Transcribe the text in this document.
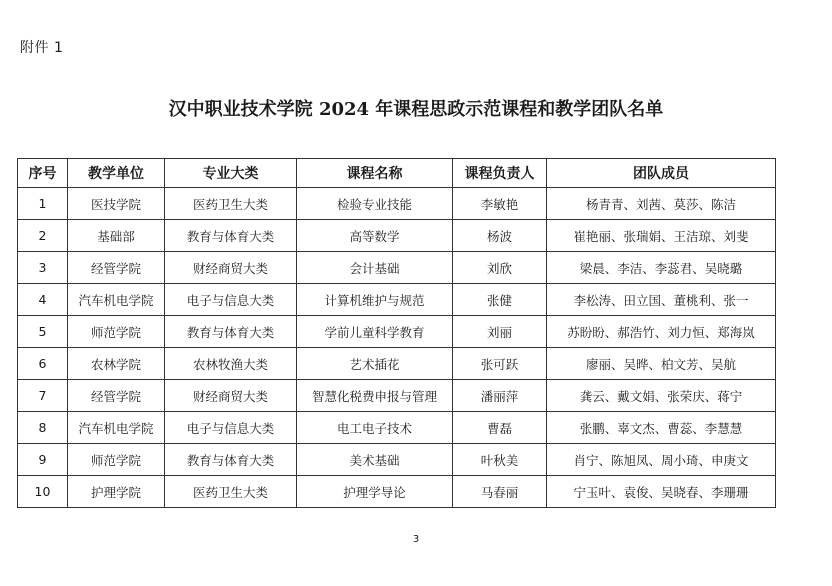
附件 1
汉中职业技术学院 2024 年课程思政示范课程和教学团队名单
序号	教学单位	专业大类	课程名称	课程负责人	团队成员
1	医技学院	医药卫生大类	检验专业技能	李敏艳	杨青青、刘茜、莫莎、陈洁
2	基础部	教育与体育大类	高等数学	杨波	崔艳丽、张瑞娟、王洁琼、刘斐
3	经管学院	财经商贸大类	会计基础	刘欣	梁晨、李洁、李蕊君、吴晓璐
4	汽车机电学院	电子与信息大类	计算机维护与规范	张健	李松涛、田立国、董桃利、张一
5	师范学院	教育与体育大类	学前儿童科学教育	刘丽	苏盼盼、郝浩竹、刘力恒、郑海岚
6	农林学院	农林牧渔大类	艺术插花	张可跃	廖丽、吴晔、柏文芳、吴航
7	经管学院	财经商贸大类	智慧化税费申报与管理	潘丽萍	龚云、戴文娟、张荣庆、蒋宁
8	汽车机电学院	电子与信息大类	电工电子技术	曹磊	张鹏、辜文杰、曹蕊、李慧慧
9	师范学院	教育与体育大类	美术基础	叶秋美	肖宁、陈旭凤、周小琦、申庚文
10	护理学院	医药卫生大类	护理学导论	马春丽	宁玉叶、袁俊、吴晓春、李珊珊
3
